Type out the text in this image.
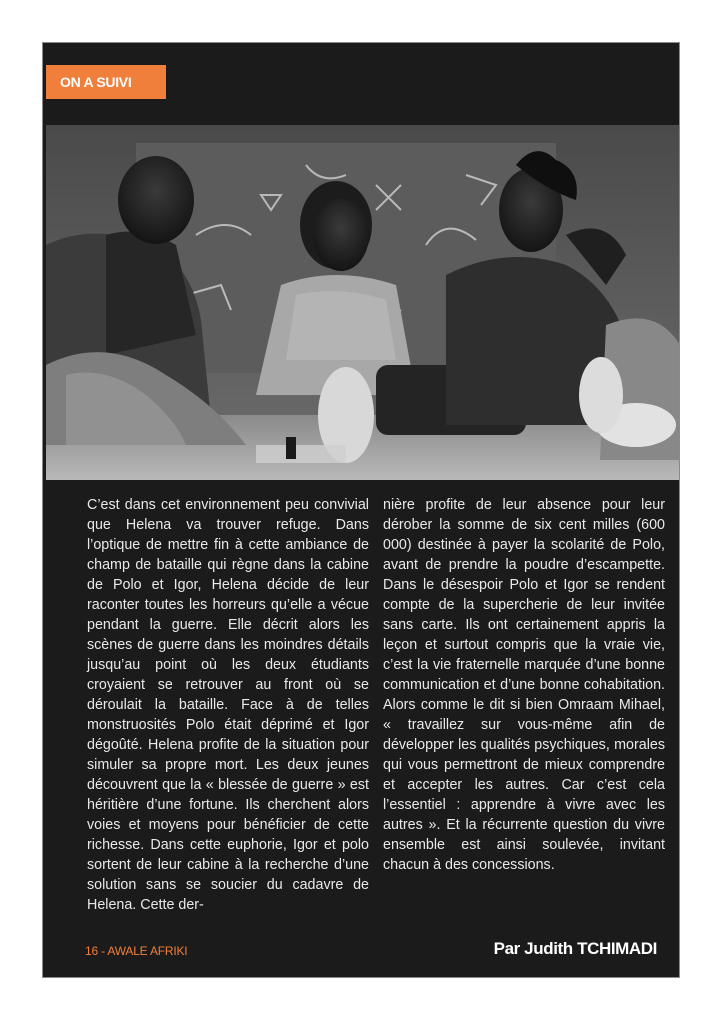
ON A SUIVI
C’est dans cet environnement peu convivial que Helena va trouver refuge. Dans l’optique de mettre fin à cette ambiance de champ de bataille qui règne dans la cabine de Polo et Igor, Helena décide de leur raconter toutes les horreurs qu’elle a vécue pendant la guerre. Elle décrit alors les scènes de guerre dans les moindres détails jusqu’au point où les deux étudiants croyaient se retrouver au front où se déroulait la bataille. Face à de telles monstruosités Polo était déprimé et Igor dégoûté. Helena profite de la situation pour simuler sa propre mort. Les deux jeunes découvrent que la « blessée de guerre » est héritière d’une fortune. Ils cherchent alors voies et moyens pour bénéficier de cette richesse. Dans cette euphorie, Igor et polo sortent de leur cabine à la recherche d’une solution sans se soucier du cadavre de Helena. Cette der-
nière profite de leur absence pour leur dérober la somme de six cent milles (600 000) destinée à payer la scolarité de Polo, avant de prendre la poudre d’escampette. Dans le désespoir Polo et Igor se rendent compte de la supercherie de leur invitée sans carte. Ils ont certainement appris la leçon et surtout compris que la vraie vie, c’est la vie fraternelle marquée d’une bonne communication et d’une bonne cohabitation. Alors comme le dit si bien Omraam Mihael, « travaillez sur vous-même afin de développer les qualités psychiques, morales qui vous permettront de mieux comprendre et accepter les autres. Car c’est cela l’essentiel : apprendre à vivre avec les autres ». Et la récurrente question du vivre ensemble est ainsi soulevée, invitant chacun à des concessions.
16 - AWALE AFRIKI	Par Judith TCHIMADI
